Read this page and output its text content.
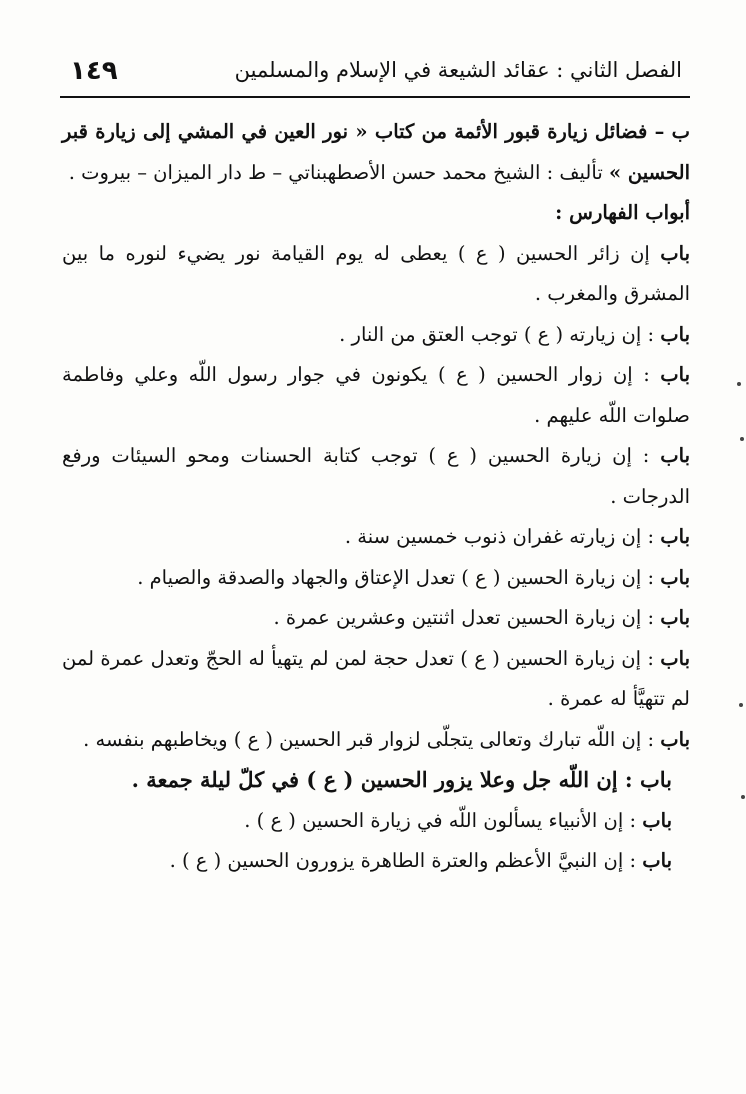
١٤٩	الفصل الثاني : عقائد الشيعة في الإسلام والمسلمين

ب – فضائل زيارة قبور الأئمة من كتاب « نور العين في المشي إلى زيارة قبر الحسين » تأليف : الشيخ محمد حسن الأصطهبناتي – ط دار الميزان – بيروت .

أبواب الفهارس :

باب إن زائر الحسين ( ع ) يعطى له يوم القيامة نور يضيء لنوره ما بين المشرق والمغرب .

باب : إن زيارته ( ع ) توجب العتق من النار .

باب : إن زوار الحسين ( ع ) يكونون في جوار رسول اللّه وعلي وفاطمة صلوات اللّه عليهم .

باب : إن زيارة الحسين ( ع ) توجب كتابة الحسنات ومحو السيئات ورفع الدرجات .

باب : إن زيارته غفران ذنوب خمسين سنة .

باب : إن زيارة الحسين ( ع ) تعدل الإعتاق والجهاد والصدقة والصيام .

باب : إن زيارة الحسين تعدل اثنتين وعشرين عمرة .

باب : إن زيارة الحسين ( ع ) تعدل حجة لمن لم يتهيأ له الحجّ وتعدل عمرة لمن لم تتهيَّأ له عمرة .

باب : إن اللّه تبارك وتعالى يتجلّى لزوار قبر الحسين ( ع ) ويخاطبهم بنفسه .

باب : إن اللّه جل وعلا يزور الحسين ( ع ) في كلّ ليلة جمعة .

باب : إن الأنبياء يسألون اللّه في زيارة الحسين ( ع ) .

باب : إن النبيَّ الأعظم والعترة الطاهرة يزورون الحسين ( ع ) .
